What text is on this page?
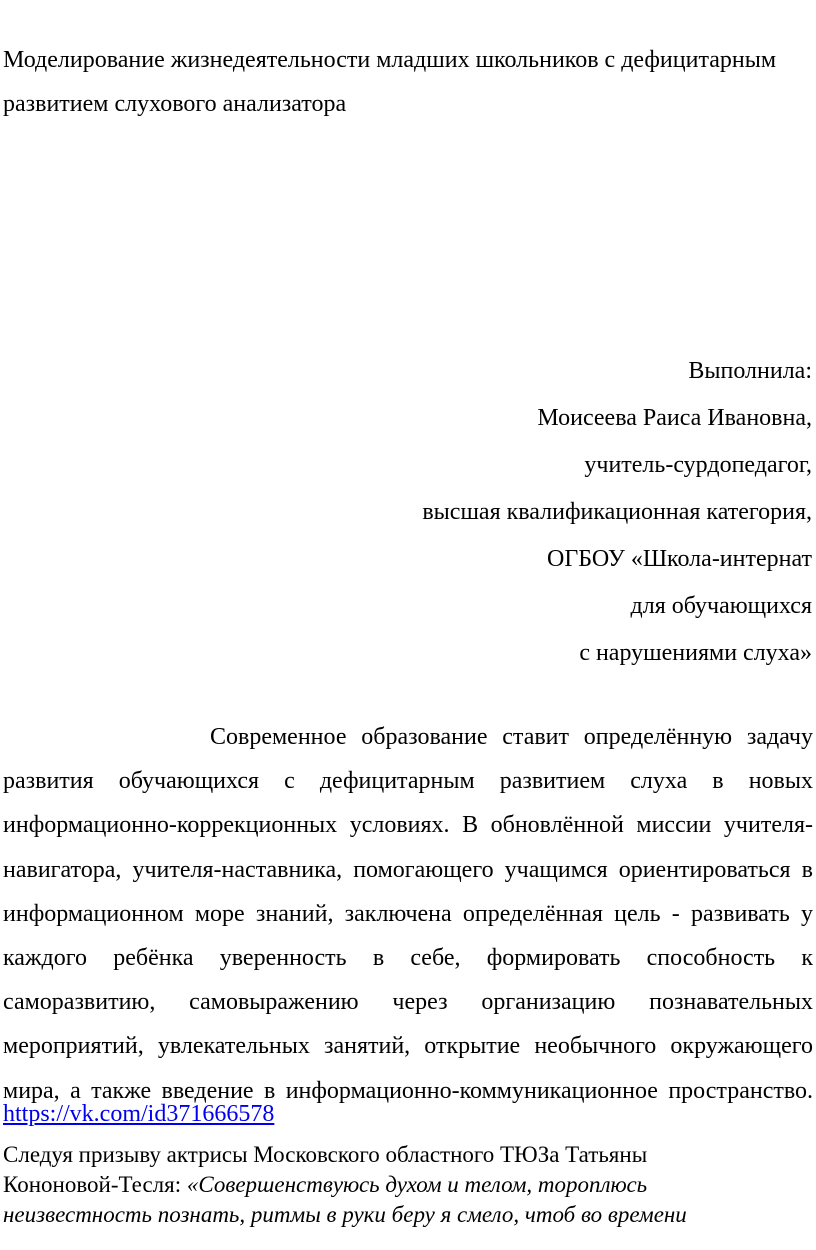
Моделирование жизнедеятельности младших школьников с дефицитарным
развитием слухового анализатора
Выполнила:
Моисеева Раиса Ивановна,
учитель-сурдопедагог,
высшая квалификационная категория,
ОГБОУ «Школа-интернат
для обучающихся
с нарушениями слуха»
Современное образование ставит определённую задачу
развития обучающихся с дефицитарным развитием слуха в новых
информационно-коррекционных условиях. В обновлённой миссии учителя-
навигатора, учителя-наставника, помогающего учащимся ориентироваться в
информационном море знаний, заключена определённая цель - развивать у
каждого ребёнка уверенность в себе, формировать способность к
саморазвитию, самовыражению через организацию познавательных
мероприятий, увлекательных занятий, открытие необычного окружающего
мира, а также введение в информационно-коммуникационное пространство.
https://vk.com/id371666578
Следуя призыву актрисы Московского областного ТЮЗа Татьяны
Кононовой-Тесля: «Совершенствуюсь духом и телом, тороплюсь
неизвестность познать, ритмы в руки беру я смело, чтоб во времени
